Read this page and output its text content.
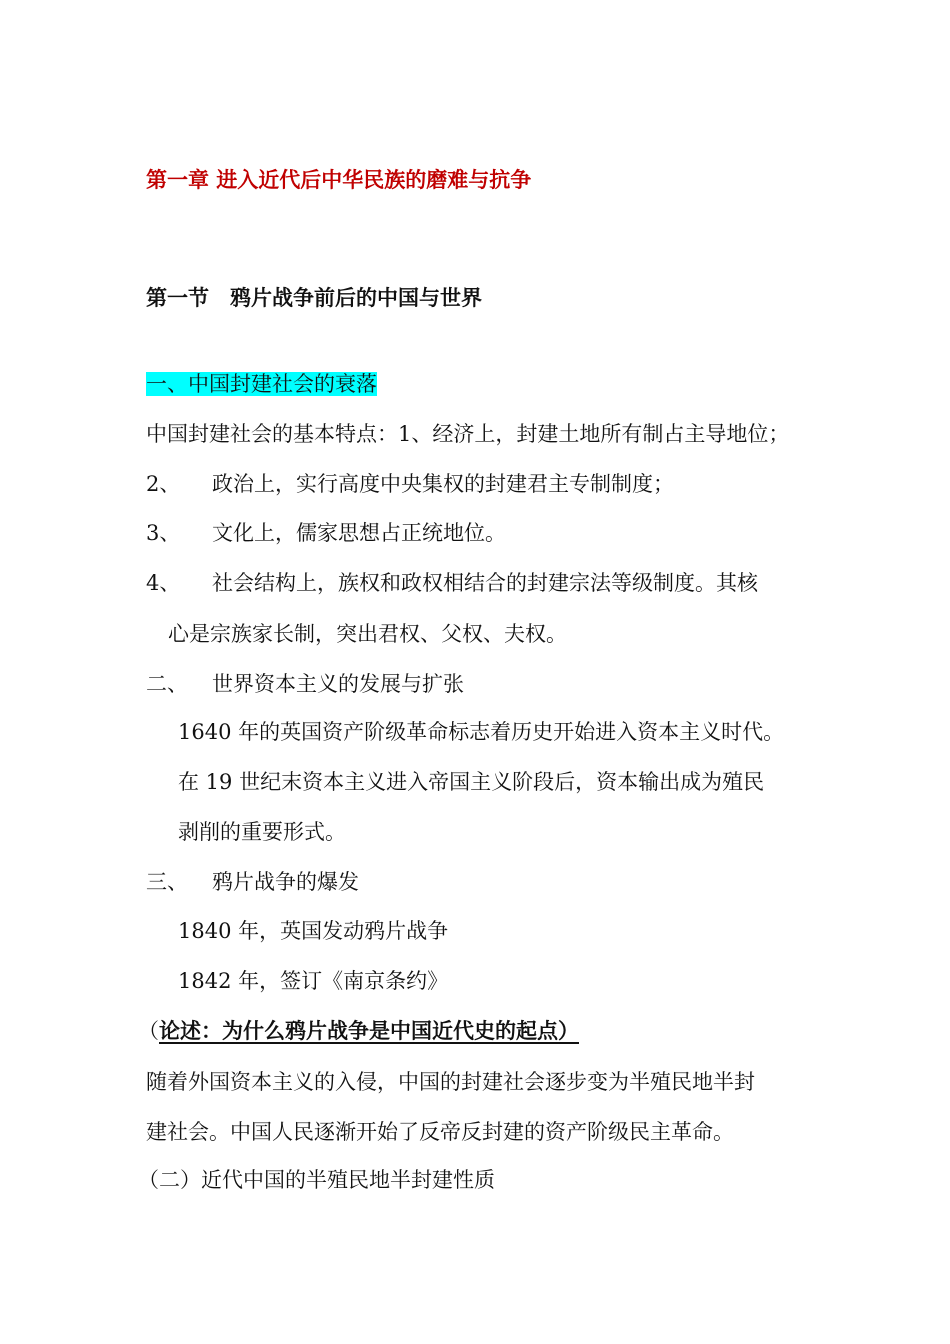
第一章 进入近代后中华民族的磨难与抗争
第一节　鸦片战争前后的中国与世界
一、中国封建社会的衰落
中国封建社会的基本特点：1、经济上，封建土地所有制占主导地位；
2、 政治上，实行高度中央集权的封建君主专制制度；
3、 文化上，儒家思想占正统地位。
4、 社会结构上，族权和政权相结合的封建宗法等级制度。其核
心是宗族家长制，突出君权、父权、夫权。
二、 世界资本主义的发展与扩张
1640 年的英国资产阶级革命标志着历史开始进入资本主义时代。
在 19 世纪末资本主义进入帝国主义阶段后，资本输出成为殖民
剥削的重要形式。
三、 鸦片战争的爆发
1840 年，英国发动鸦片战争
1842 年，签订《南京条约》
（论述：为什么鸦片战争是中国近代史的起点）
随着外国资本主义的入侵，中国的封建社会逐步变为半殖民地半封
建社会。中国人民逐渐开始了反帝反封建的资产阶级民主革命。
（二）近代中国的半殖民地半封建性质
